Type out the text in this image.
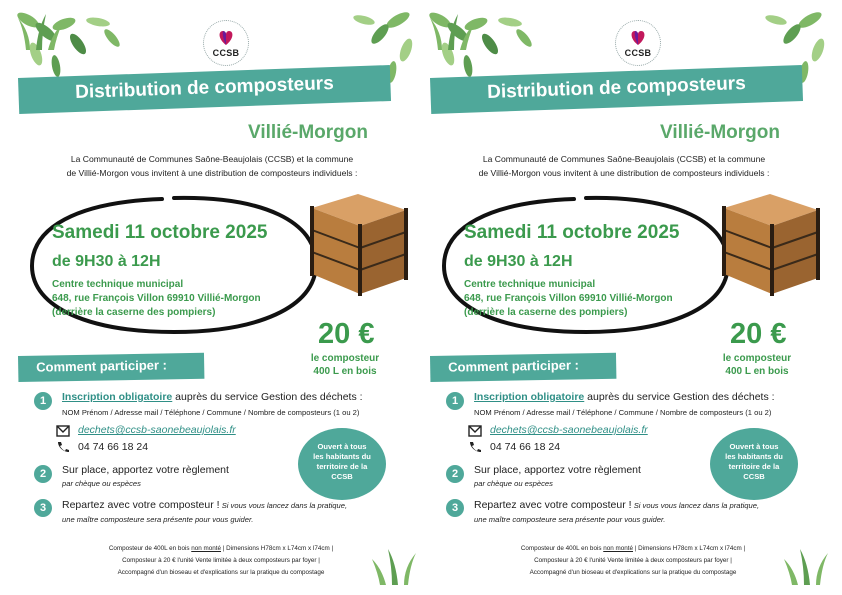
CCSB
Distribution de composteurs
Villié-Morgon
La Communauté de Communes Saône-Beaujolais (CCSB) et la commune
de Villié-Morgon vous invitent à une distribution de composteurs individuels :
Samedi 11 octobre 2025
de 9H30 à 12H
Centre technique municipal
648, rue François Villon 69910 Villié-Morgon
(derrière la caserne des pompiers)
20 €
le composteur
400 L en bois
Comment participer :
1	Inscription obligatoire auprès du service Gestion des déchets :
NOM Prénom / Adresse mail / Téléphone / Commune / Nombre de composteurs (1 ou 2)
dechets@ccsb-saonebeaujolais.fr
04 74 66 18 24
2	Sur place, apportez votre règlement
par chèque ou espèces
3	Repartez avec votre composteur ! Si vous vous lancez dans la pratique,
une maître composteure sera présente pour vous guider.
Ouvert à tous
les habitants du
territoire de la
CCSB
Composteur de 400L en bois non monté | Dimensions H78cm x L74cm x l74cm |
Composteur à 20 € l'unité Vente limitée à deux composteurs par foyer |
Accompagné d'un bioseau et d'explications sur la pratique du compostage
CCSB
Distribution de composteurs
Villié-Morgon
La Communauté de Communes Saône-Beaujolais (CCSB) et la commune
de Villié-Morgon vous invitent à une distribution de composteurs individuels :
Samedi 11 octobre 2025
de 9H30 à 12H
Centre technique municipal
648, rue François Villon 69910 Villié-Morgon
(derrière la caserne des pompiers)
20 €
le composteur
400 L en bois
Comment participer :
1	Inscription obligatoire auprès du service Gestion des déchets :
NOM Prénom / Adresse mail / Téléphone / Commune / Nombre de composteurs (1 ou 2)
dechets@ccsb-saonebeaujolais.fr
04 74 66 18 24
2	Sur place, apportez votre règlement
par chèque ou espèces
3	Repartez avec votre composteur ! Si vous vous lancez dans la pratique,
une maître composteure sera présente pour vous guider.
Ouvert à tous
les habitants du
territoire de la
CCSB
Composteur de 400L en bois non monté | Dimensions H78cm x L74cm x l74cm |
Composteur à 20 € l'unité Vente limitée à deux composteurs par foyer |
Accompagné d'un bioseau et d'explications sur la pratique du compostage
